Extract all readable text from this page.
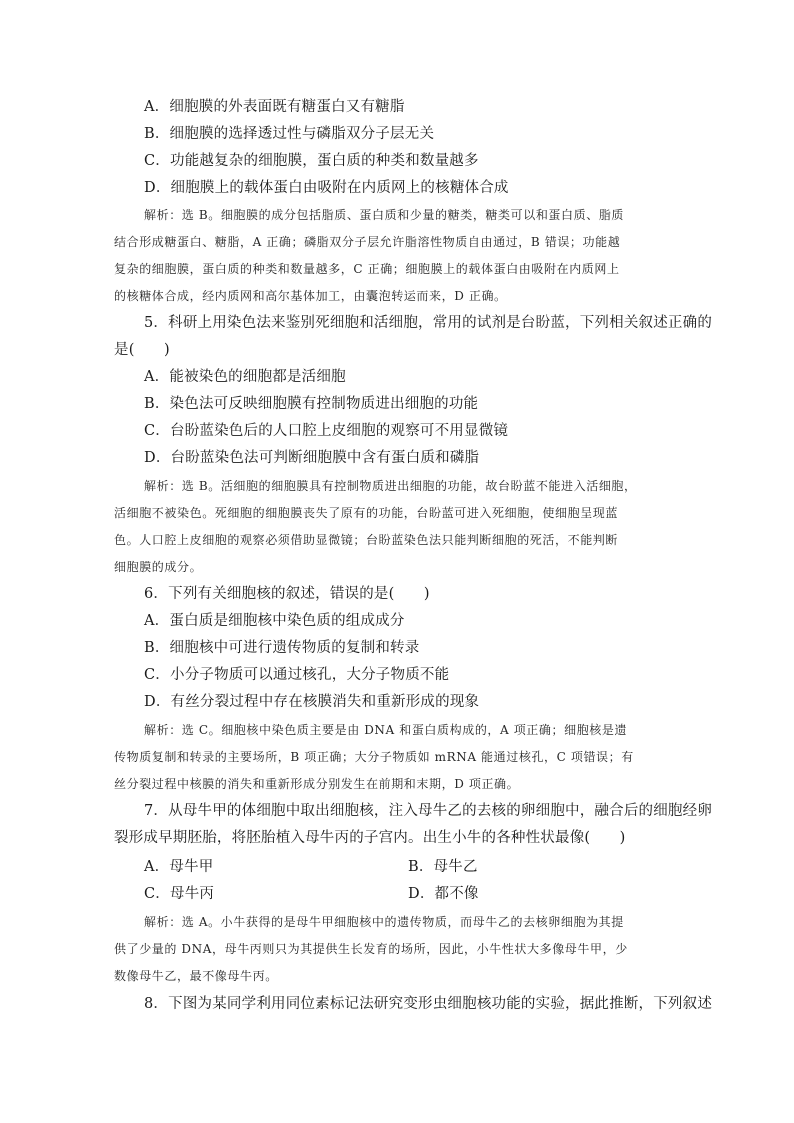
A．细胞膜的外表面既有糖蛋白又有糖脂
B．细胞膜的选择透过性与磷脂双分子层无关
C．功能越复杂的细胞膜，蛋白质的种类和数量越多
D．细胞膜上的载体蛋白由吸附在内质网上的核糖体合成
解析：选 B。细胞膜的成分包括脂质、蛋白质和少量的糖类，糖类可以和蛋白质、脂质
结合形成糖蛋白、糖脂，A 正确；磷脂双分子层允许脂溶性物质自由通过，B 错误；功能越
复杂的细胞膜，蛋白质的种类和数量越多，C 正确；细胞膜上的载体蛋白由吸附在内质网上
的核糖体合成，经内质网和高尔基体加工，由囊泡转运而来，D 正确。
5．科研上用染色法来鉴别死细胞和活细胞，常用的试剂是台盼蓝，下列相关叙述正确的
是(　　)
A．能被染色的细胞都是活细胞
B．染色法可反映细胞膜有控制物质进出细胞的功能
C．台盼蓝染色后的人口腔上皮细胞的观察可不用显微镜
D．台盼蓝染色法可判断细胞膜中含有蛋白质和磷脂
解析：选 B。活细胞的细胞膜具有控制物质进出细胞的功能，故台盼蓝不能进入活细胞，
活细胞不被染色。死细胞的细胞膜丧失了原有的功能，台盼蓝可进入死细胞，使细胞呈现蓝
色。人口腔上皮细胞的观察必须借助显微镜；台盼蓝染色法只能判断细胞的死活，不能判断
细胞膜的成分。
6．下列有关细胞核的叙述，错误的是(　　)
A．蛋白质是细胞核中染色质的组成成分
B．细胞核中可进行遗传物质的复制和转录
C．小分子物质可以通过核孔，大分子物质不能
D．有丝分裂过程中存在核膜消失和重新形成的现象
解析：选 C。细胞核中染色质主要是由 DNA 和蛋白质构成的，A 项正确；细胞核是遗
传物质复制和转录的主要场所，B 项正确；大分子物质如 mRNA 能通过核孔，C 项错误；有
丝分裂过程中核膜的消失和重新形成分别发生在前期和末期，D 项正确。
7．从母牛甲的体细胞中取出细胞核，注入母牛乙的去核的卵细胞中，融合后的细胞经卵
裂形成早期胚胎，将胚胎植入母牛丙的子宫内。出生小牛的各种性状最像(　　)
A．母牛甲	B．母牛乙
C．母牛丙	D．都不像
解析：选 A。小牛获得的是母牛甲细胞核中的遗传物质，而母牛乙的去核卵细胞为其提
供了少量的 DNA，母牛丙则只为其提供生长发育的场所，因此，小牛性状大多像母牛甲，少
数像母牛乙，最不像母牛丙。
8．下图为某同学利用同位素标记法研究变形虫细胞核功能的实验，据此推断，下列叙述
